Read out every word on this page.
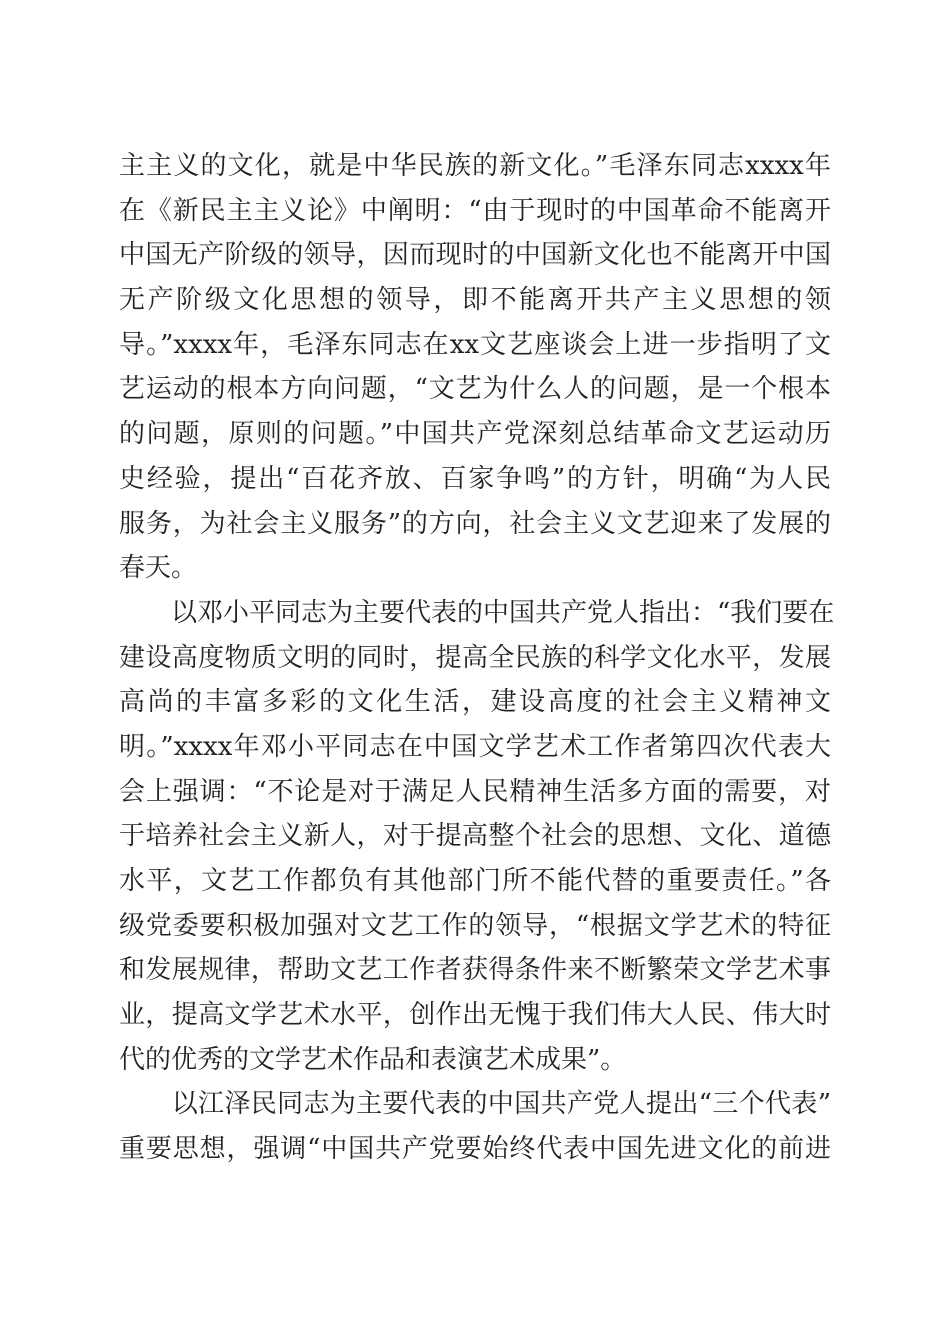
主主义的文化，就是中华民族的新文化。”毛泽东同志xxxx年
在《新民主主义论》中阐明：“由于现时的中国革命不能离开
中国无产阶级的领导，因而现时的中国新文化也不能离开中国
无产阶级文化思想的领导，即不能离开共产主义思想的领
导。”xxxx年，毛泽东同志在xx文艺座谈会上进一步指明了文
艺运动的根本方向问题，“文艺为什么人的问题，是一个根本
的问题，原则的问题。”中国共产党深刻总结革命文艺运动历
史经验，提出“百花齐放、百家争鸣”的方针，明确“为人民
服务，为社会主义服务”的方向，社会主义文艺迎来了发展的
春天。
　　以邓小平同志为主要代表的中国共产党人指出：“我们要在
建设高度物质文明的同时，提高全民族的科学文化水平，发展
高尚的丰富多彩的文化生活，建设高度的社会主义精神文
明。”xxxx年邓小平同志在中国文学艺术工作者第四次代表大
会上强调：“不论是对于满足人民精神生活多方面的需要，对
于培养社会主义新人，对于提高整个社会的思想、文化、道德
水平，文艺工作都负有其他部门所不能代替的重要责任。”各
级党委要积极加强对文艺工作的领导，“根据文学艺术的特征
和发展规律，帮助文艺工作者获得条件来不断繁荣文学艺术事
业，提高文学艺术水平，创作出无愧于我们伟大人民、伟大时
代的优秀的文学艺术作品和表演艺术成果”。
　　以江泽民同志为主要代表的中国共产党人提出“三个代表”
重要思想，强调“中国共产党要始终代表中国先进文化的前进
